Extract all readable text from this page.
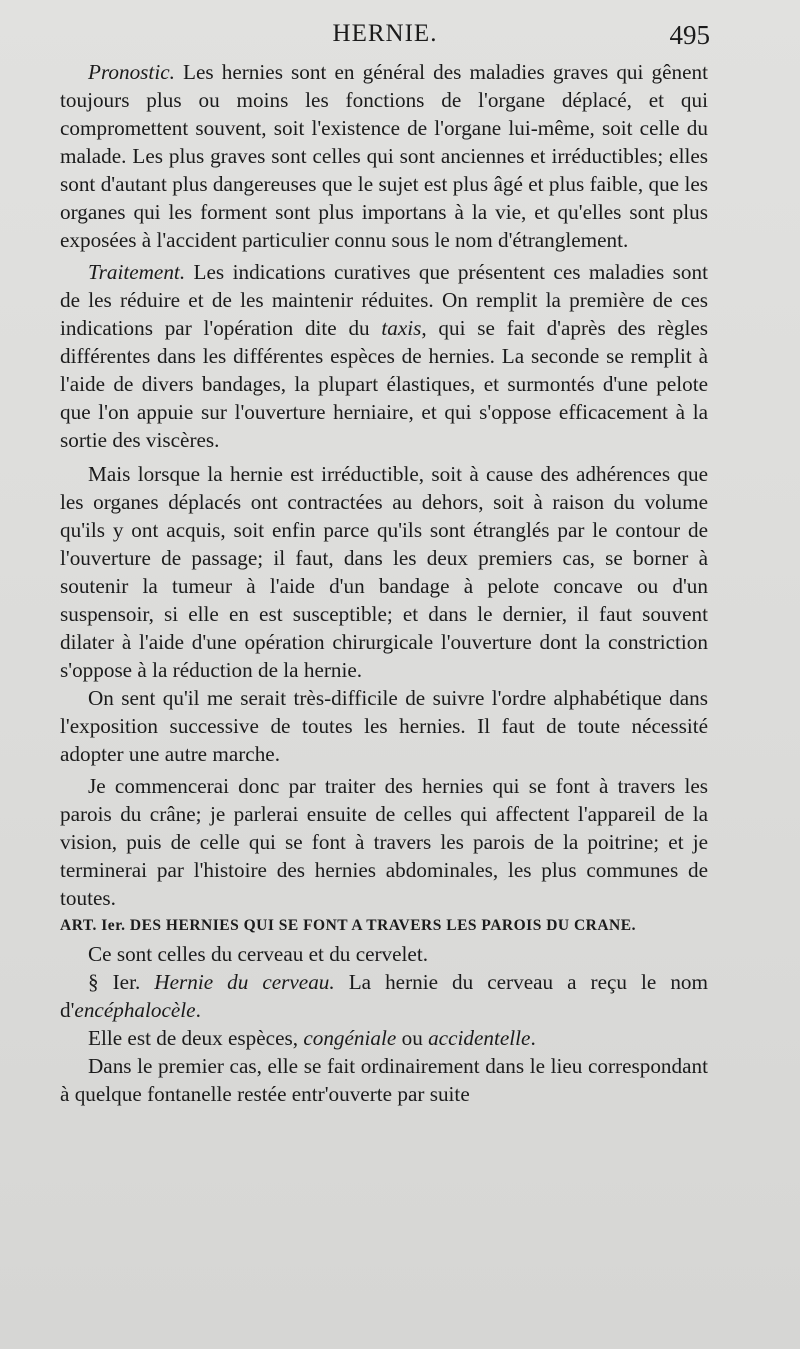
HERNIE.	495

Pronostic. Les hernies sont en général des maladies graves qui gênent toujours plus ou moins les fonctions de l'organe déplacé, et qui compromettent souvent, soit l'existence de l'organe lui-même, soit celle du malade. Les plus graves sont celles qui sont anciennes et irréductibles; elles sont d'autant plus dangereuses que le sujet est plus âgé et plus faible, que les organes qui les forment sont plus importans à la vie, et qu'elles sont plus exposées à l'accident particulier connu sous le nom d'étranglement.

Traitement. Les indications curatives que présentent ces maladies sont de les réduire et de les maintenir réduites. On remplit la première de ces indications par l'opération dite du taxis, qui se fait d'après des règles différentes dans les différentes espèces de hernies. La seconde se remplit à l'aide de divers bandages, la plupart élastiques, et surmontés d'une pelote que l'on appuie sur l'ouverture herniaire, et qui s'oppose efficacement à la sortie des viscères.

Mais lorsque la hernie est irréductible, soit à cause des adhérences que les organes déplacés ont contractées au dehors, soit à raison du volume qu'ils y ont acquis, soit enfin parce qu'ils sont étranglés par le contour de l'ouverture de passage; il faut, dans les deux premiers cas, se borner à soutenir la tumeur à l'aide d'un bandage à pelote concave ou d'un suspensoir, si elle en est susceptible; et dans le dernier, il faut souvent dilater à l'aide d'une opération chirurgicale l'ouverture dont la constriction s'oppose à la réduction de la hernie.

On sent qu'il me serait très-difficile de suivre l'ordre alphabétique dans l'exposition successive de toutes les hernies. Il faut de toute nécessité adopter une autre marche.

Je commencerai donc par traiter des hernies qui se font à travers les parois du crâne; je parlerai ensuite de celles qui affectent l'appareil de la vision, puis de celle qui se font à travers les parois de la poitrine; et je terminerai par l'histoire des hernies abdominales, les plus communes de toutes.

ART. Ier. DES HERNIES QUI SE FONT A TRAVERS LES PAROIS DU CRANE.

Ce sont celles du cerveau et du cervelet.

§ Ier. Hernie du cerveau. La hernie du cerveau a reçu le nom d'encéphalocèle.

Elle est de deux espèces, congéniale ou accidentelle.

Dans le premier cas, elle se fait ordinairement dans le lieu correspondant à quelque fontanelle restée entr'ouverte par suite
